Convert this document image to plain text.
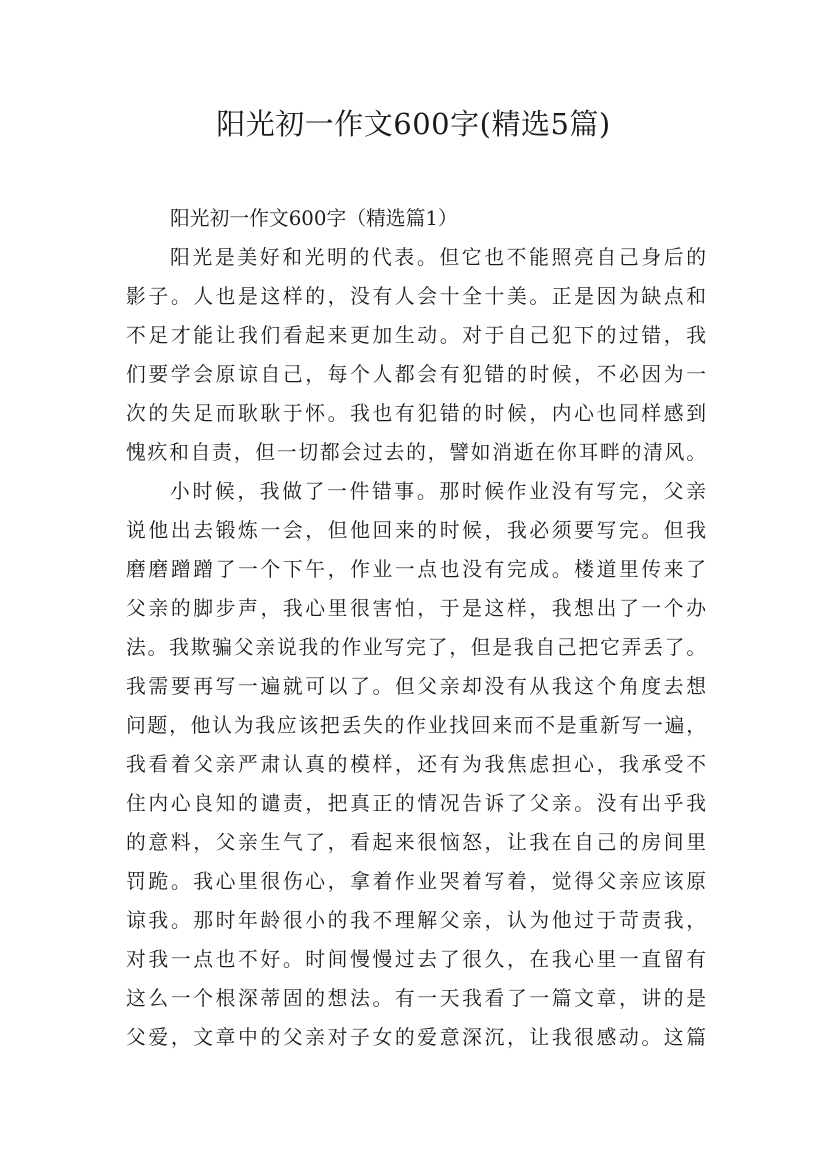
阳光初一作文600字(精选5篇)
阳光初一作文600字（精选篇1）
阳光是美好和光明的代表。但它也不能照亮自己身后的
影子。人也是这样的，没有人会十全十美。正是因为缺点和
不足才能让我们看起来更加生动。对于自己犯下的过错，我
们要学会原谅自己，每个人都会有犯错的时候，不必因为一
次的失足而耿耿于怀。我也有犯错的时候，内心也同样感到
愧疚和自责，但一切都会过去的，譬如消逝在你耳畔的清风。
小时候，我做了一件错事。那时候作业没有写完，父亲
说他出去锻炼一会，但他回来的时候，我必须要写完。但我
磨磨蹭蹭了一个下午，作业一点也没有完成。楼道里传来了
父亲的脚步声，我心里很害怕，于是这样，我想出了一个办
法。我欺骗父亲说我的作业写完了，但是我自己把它弄丢了。
我需要再写一遍就可以了。但父亲却没有从我这个角度去想
问题，他认为我应该把丢失的作业找回来而不是重新写一遍，
我看着父亲严肃认真的模样，还有为我焦虑担心，我承受不
住内心良知的谴责，把真正的情况告诉了父亲。没有出乎我
的意料，父亲生气了，看起来很恼怒，让我在自己的房间里
罚跪。我心里很伤心，拿着作业哭着写着，觉得父亲应该原
谅我。那时年龄很小的我不理解父亲，认为他过于苛责我，
对我一点也不好。时间慢慢过去了很久，在我心里一直留有
这么一个根深蒂固的想法。有一天我看了一篇文章，讲的是
父爱，文章中的父亲对子女的爱意深沉，让我很感动。这篇
